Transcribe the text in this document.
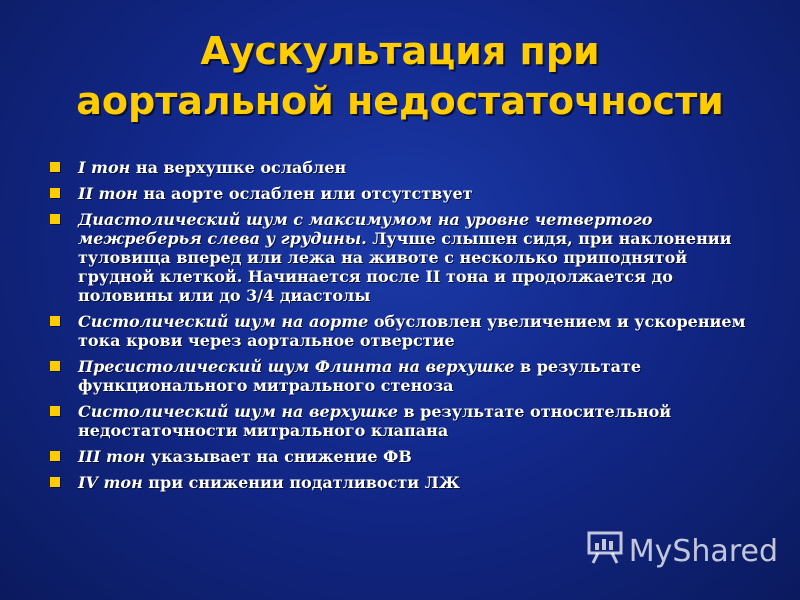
Аускультация при
аортальной недостаточности
I тон на верхушке ослаблен
II тон на аорте ослаблен или отсутствует
Диастолический шум с максимумом на уровне четвертого межреберья слева у грудины. Лучше слышен сидя, при наклонении туловища вперед или лежа на животе с несколько приподнятой грудной клеткой. Начинается после II тона и продолжается до половины или до 3/4 диастолы
Систолический шум на аорте обусловлен увеличением и ускорением тока крови через аортальное отверстие
Пресистолический шум Флинта на верхушке в результате функционального митрального стеноза
Систолический шум на верхушке в результате относительной недостаточности митрального клапана
III тон указывает на снижение ФВ
IV тон при снижении податливости ЛЖ
MyShared
